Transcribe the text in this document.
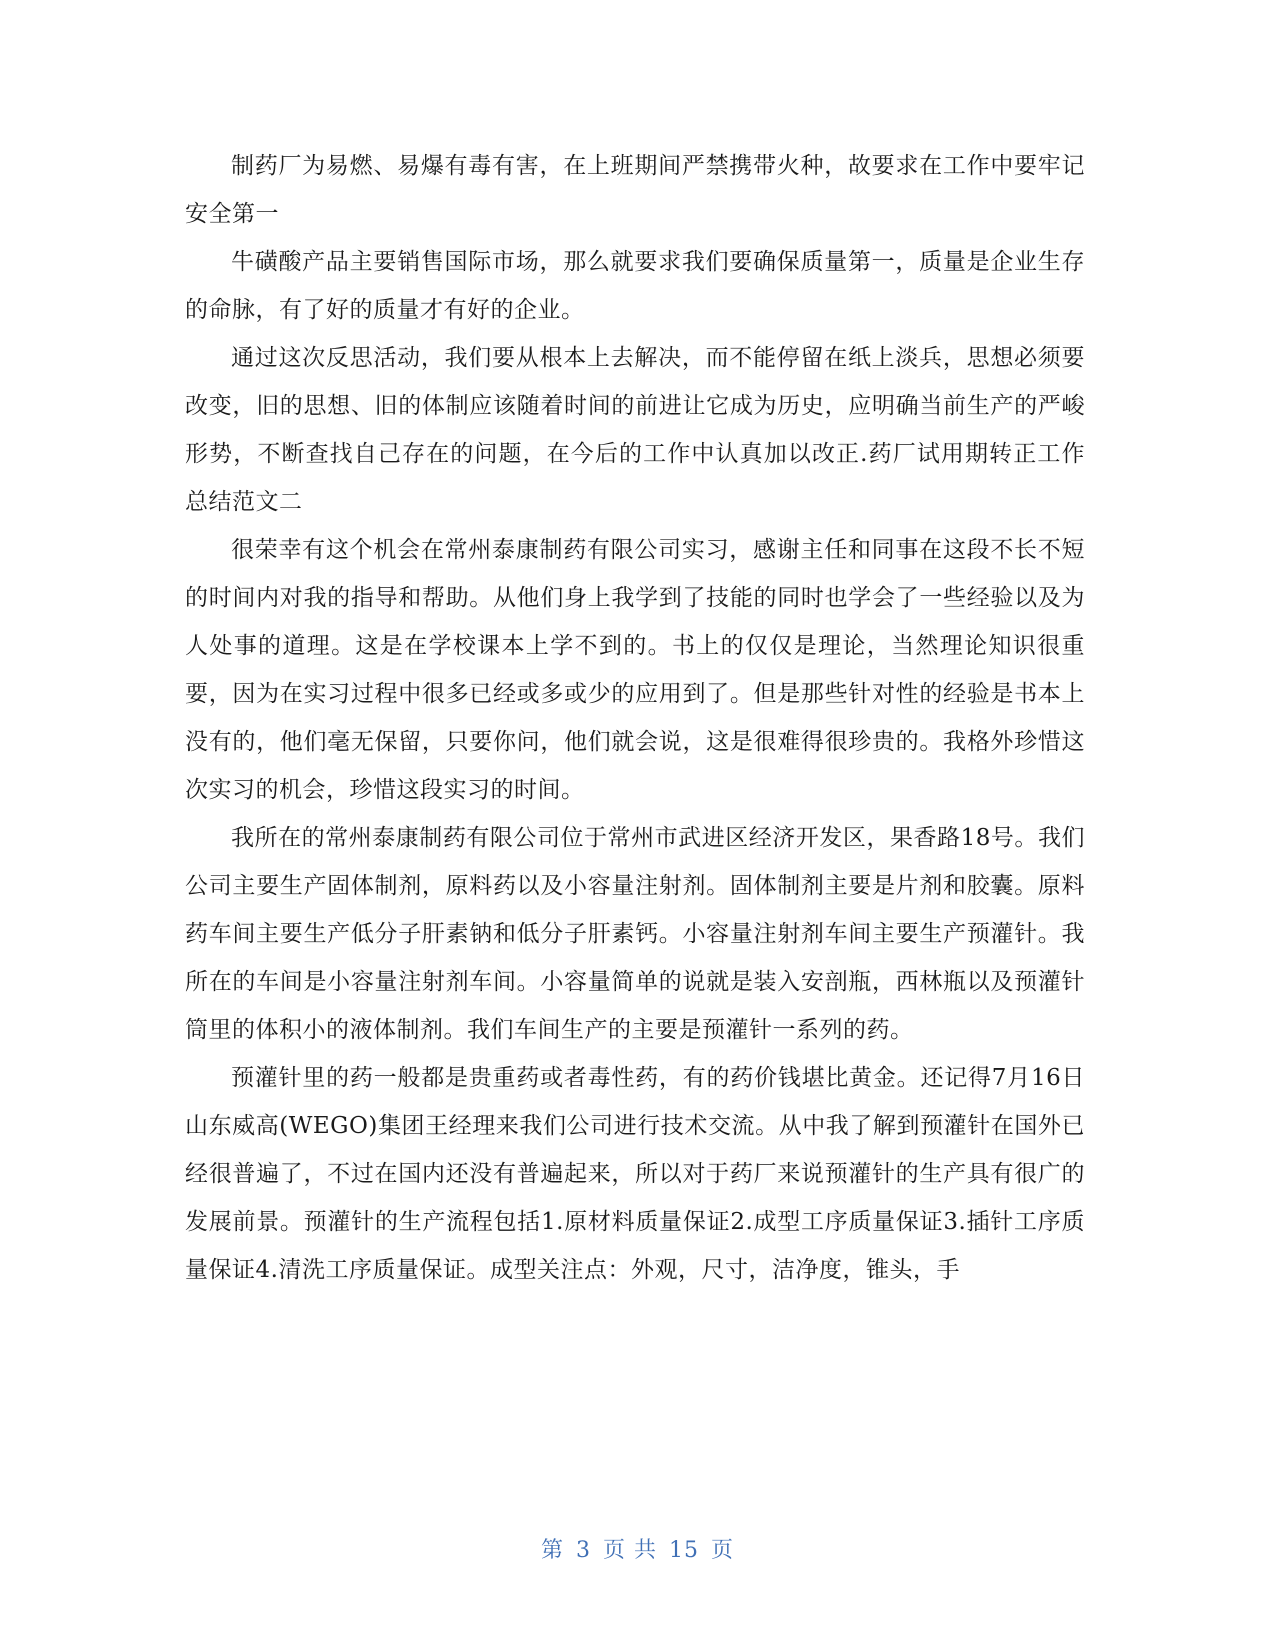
制药厂为易燃、易爆有毒有害，在上班期间严禁携带火种，故要求在工作中要牢记安全第一

牛磺酸产品主要销售国际市场，那么就要求我们要确保质量第一，质量是企业生存的命脉，有了好的质量才有好的企业。

通过这次反思活动，我们要从根本上去解决，而不能停留在纸上淡兵，思想必须要改变，旧的思想、旧的体制应该随着时间的前进让它成为历史，应明确当前生产的严峻形势，不断查找自己存在的问题，在今后的工作中认真加以改正.药厂试用期转正工作总结范文二

很荣幸有这个机会在常州泰康制药有限公司实习，感谢主任和同事在这段不长不短的时间内对我的指导和帮助。从他们身上我学到了技能的同时也学会了一些经验以及为人处事的道理。这是在学校课本上学不到的。书上的仅仅是理论，当然理论知识很重要，因为在实习过程中很多已经或多或少的应用到了。但是那些针对性的经验是书本上没有的，他们毫无保留，只要你问，他们就会说，这是很难得很珍贵的。我格外珍惜这次实习的机会，珍惜这段实习的时间。

我所在的常州泰康制药有限公司位于常州市武进区经济开发区，果香路18号。我们公司主要生产固体制剂，原料药以及小容量注射剂。固体制剂主要是片剂和胶囊。原料药车间主要生产低分子肝素钠和低分子肝素钙。小容量注射剂车间主要生产预灌针。我所在的车间是小容量注射剂车间。小容量简单的说就是装入安剖瓶，西林瓶以及预灌针筒里的体积小的液体制剂。我们车间生产的主要是预灌针一系列的药。

预灌针里的药一般都是贵重药或者毒性药，有的药价钱堪比黄金。还记得7月16日山东威高(WEGO)集团王经理来我们公司进行技术交流。从中我了解到预灌针在国外已经很普遍了，不过在国内还没有普遍起来，所以对于药厂来说预灌针的生产具有很广的发展前景。预灌针的生产流程包括1.原材料质量保证2.成型工序质量保证3.插针工序质量保证4.清洗工序质量保证。成型关注点：外观，尺寸，洁净度，锥头，手

第 3 页 共 15 页
